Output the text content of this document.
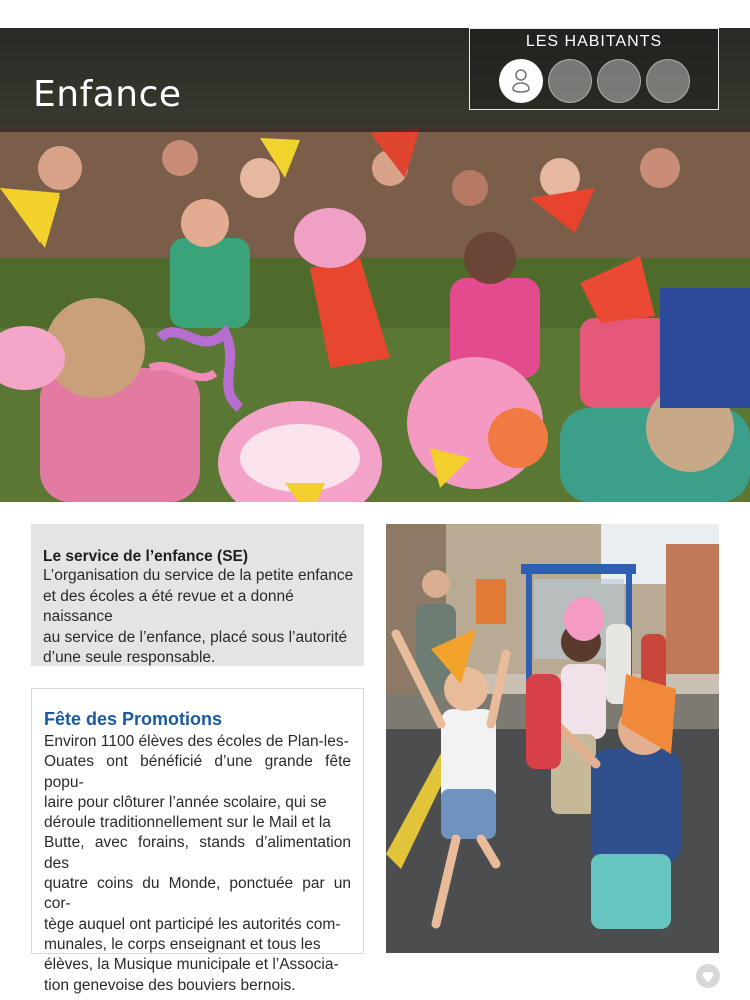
Enfance
LES HABITANTS
Le service de l’enfance (SE)
L’organisation du service de la petite enfance
et des écoles a été revue et a donné naissance
au service de l’enfance, placé sous l’autorité
d’une seule responsable.
Fête des Promotions
Environ 1100 élèves des écoles de Plan-les-
Ouates ont bénéficié d’une grande fête popu-
laire pour clôturer l’année scolaire, qui se
déroule traditionnellement sur le Mail et la
Butte, avec forains, stands d’alimentation des
quatre coins du Monde, ponctuée par un cor-
tège auquel ont participé les autorités com-
munales, le corps enseignant et tous les
élèves, la Musique municipale et l’Associa-
tion genevoise des bouviers bernois.
